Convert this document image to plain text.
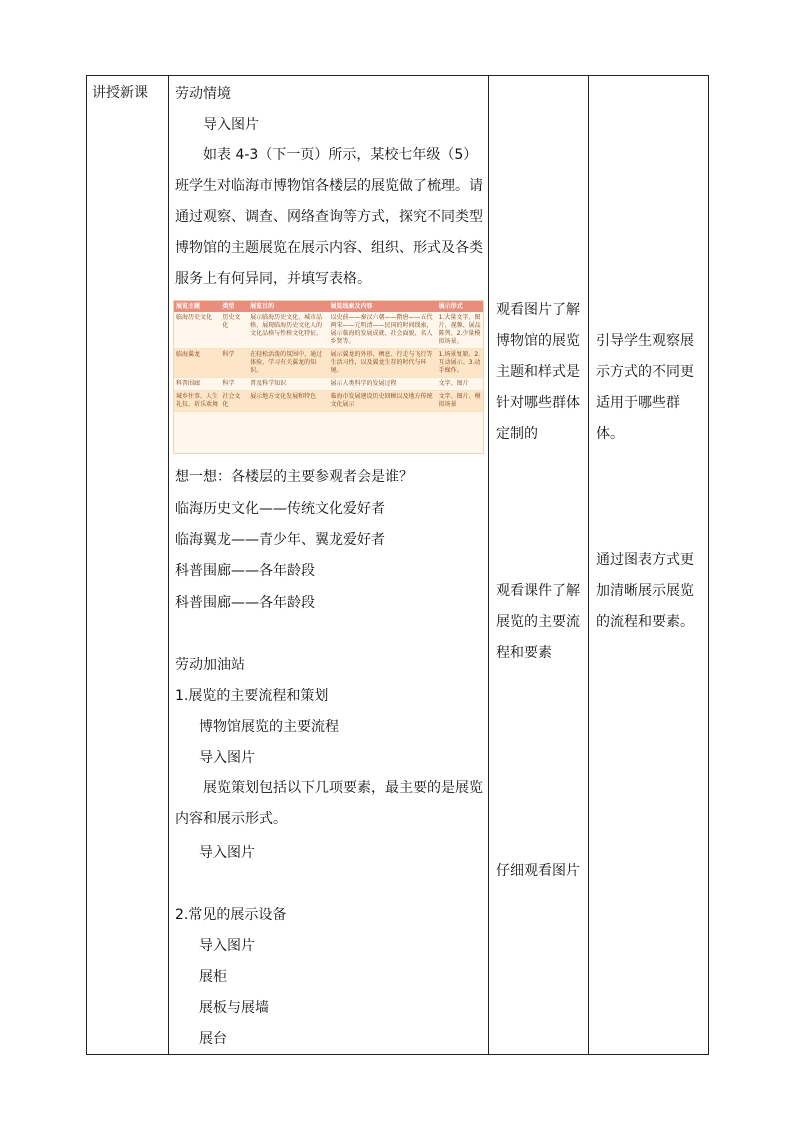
讲授新课 劳动情境
导入图片
如表 4-3（下一页）所示，某校七年级（5）班学生对临海市博物馆各楼层的展览做了梳理。请通过观察、调查、网络查询等方式，探究不同类型博物馆的主题展览在展示内容、组织、形式及各类服务上有何异同，并填写表格。
展览主题	类型	展览目的	展览线索及内容	展示形式
临海历史文化	历史文化	展示临海历史文化、城市品格，展现临海历史文化人的文化品格与性格文化特征。	以史前——秦汉六朝——隋唐——五代两宋——元明清——民国的时间线索，展示临海的发展成就、社会面貌、名人乡贤等。	1.大量文字、图片、视频、展品陈列。2.少量模拟场景。
临海翼龙	科学	在轻松活泼的氛围中，通过体验，学习有关翼龙的知识。	展示翼龙的外形、栖息、行走与飞行等生活习性，以及翼龙生存的时代与环境。	1.场景复原。2.互动展示。3.动手操作。
科普围廊	科学	普及科学知识	展示人类科学的发展过程	文字、图片
城乡往事、人生礼仪、祈乐欢舞	社会文化	展示地方文化发展和特色	临海市发展建设历史回顾以及地方传统文化展示	文字、图片、模拟场景
想一想：各楼层的主要参观者会是谁？
临海历史文化——传统文化爱好者
临海翼龙——青少年、翼龙爱好者
科普围廊——各年龄段
科普围廊——各年龄段
劳动加油站
1.展览的主要流程和策划
博物馆展览的主要流程
导入图片
展览策划包括以下几项要素，最主要的是展览内容和展示形式。
导入图片
2.常见的展示设备
导入图片
展柜
展板与展墙
展台
观看图片了解博物馆的展览主题和样式是针对哪些群体定制的
观看课件了解展览的主要流程和要素
仔细观看图片
引导学生观察展示方式的不同更适用于哪些群体。
通过图表方式更加清晰展示展览的流程和要素。
